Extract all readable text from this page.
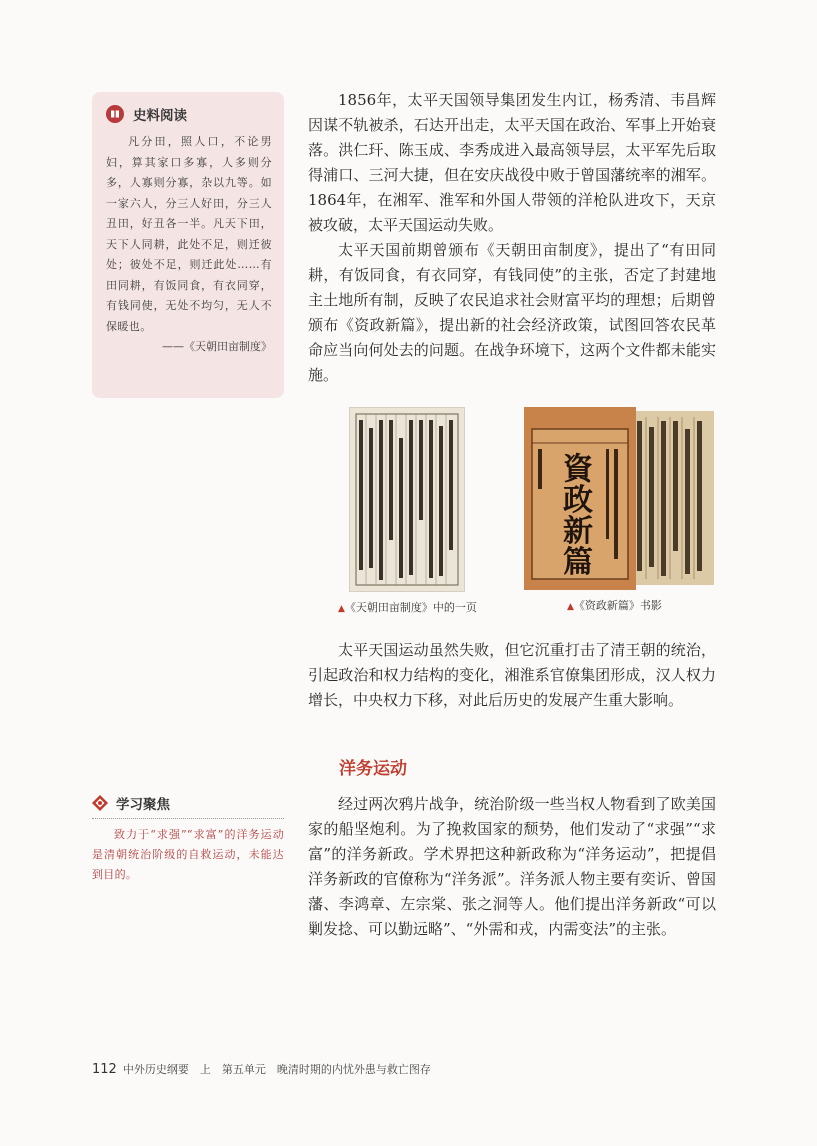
史料阅读
凡分田，照人口，不论男妇，算其家口多寡，人多则分多，人寡则分寡，杂以九等。如一家六人，分三人好田，分三人丑田，好丑各一半。凡天下田，天下人同耕，此处不足，则迁彼处；彼处不足，则迁此处……有田同耕，有饭同食，有衣同穿，有钱同使，无处不均匀，无人不保暖也。
——《天朝田亩制度》
学习聚焦
致力于“求强”“求富”的洋务运动是清朝统治阶级的自救运动，未能达到目的。

1856年，太平天国领导集团发生内讧，杨秀清、韦昌辉因谋不轨被杀，石达开出走，太平天国在政治、军事上开始衰落。洪仁玕、陈玉成、李秀成进入最高领导层，太平军先后取得浦口、三河大捷，但在安庆战役中败于曾国藩统率的湘军。1864年，在湘军、淮军和外国人带领的洋枪队进攻下，天京被攻破，太平天国运动失败。

太平天国前期曾颁布《天朝田亩制度》，提出了“有田同耕，有饭同食，有衣同穿，有钱同使”的主张，否定了封建地主土地所有制，反映了农民追求社会财富平均的理想；后期曾颁布《资政新篇》，提出新的社会经济政策，试图回答农民革命应当向何处去的问题。在战争环境下，这两个文件都未能实施。

資
政
新
篇
▲《天朝田亩制度》中的一页	▲《资政新篇》书影

太平天国运动虽然失败，但它沉重打击了清王朝的统治，引起政治和权力结构的变化，湘淮系官僚集团形成，汉人权力增长，中央权力下移，对此后历史的发展产生重大影响。

洋务运动

经过两次鸦片战争，统治阶级一些当权人物看到了欧美国家的船坚炮利。为了挽救国家的颓势，他们发动了“求强”“求富”的洋务新政。学术界把这种新政称为“洋务运动”，把提倡洋务新政的官僚称为“洋务派”。洋务派人物主要有奕䜣、曾国藩、李鸿章、左宗棠、张之洞等人。他们提出洋务新政“可以剿发捻、可以勤远略”、“外需和戎，内需变法”的主张。

112 中外历史纲要　上　第五单元　晚清时期的内忧外患与救亡图存
